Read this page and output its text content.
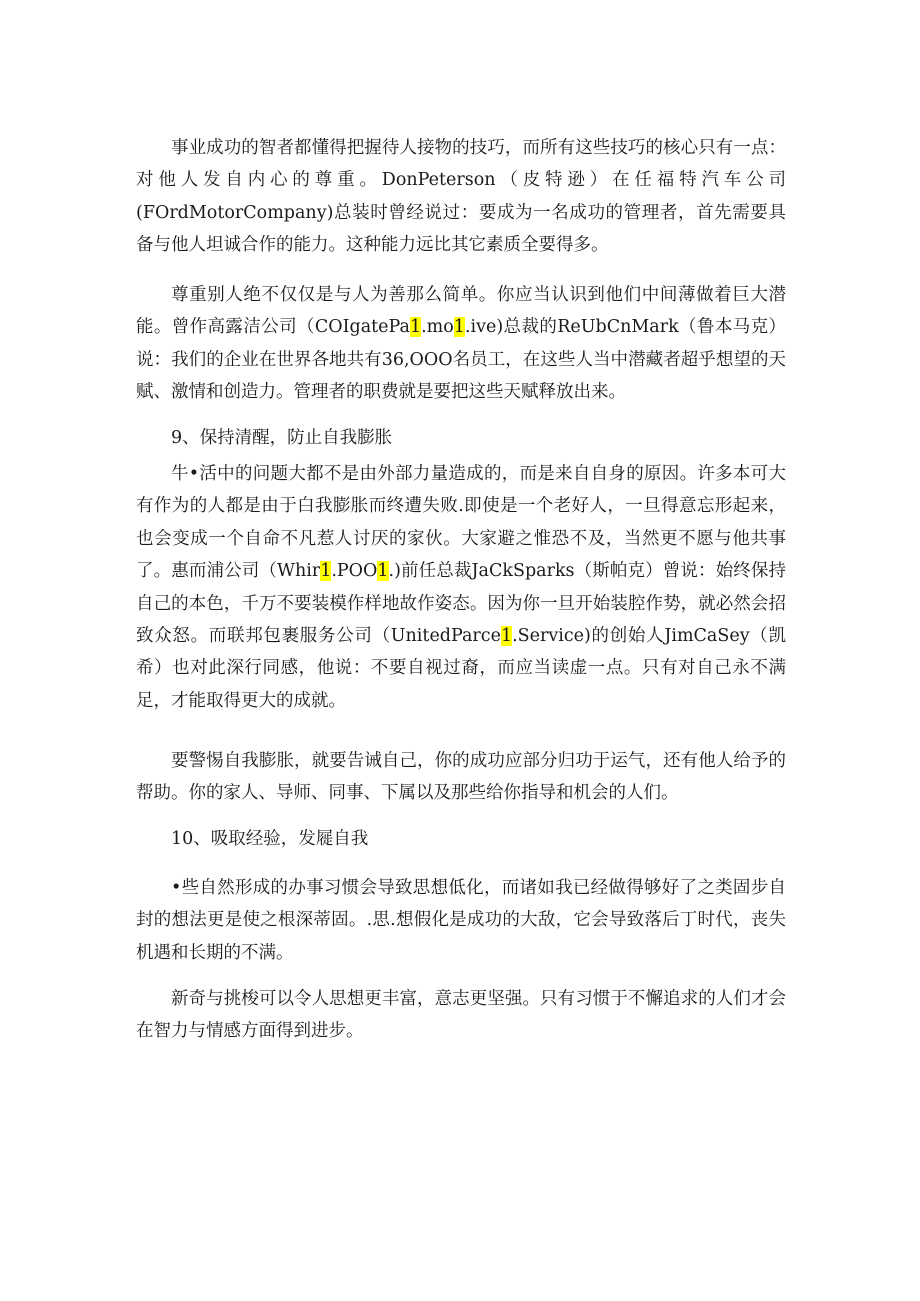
事业成功的智者都懂得把握待人接物的技巧，而所有这些技巧的核心只有一点：对他人发自内心的尊重。DonPeterson（皮特逊）在任福特汽车公司(FOrdMotorCompany)总装时曾经说过：要成为一名成功的管理者，首先需要具备与他人坦诚合作的能力。这种能力远比其它素质全要得多。

尊重别人绝不仅仅是与人为善那么简单。你应当认识到他们中间薄做着巨大潜能。曾作高露洁公司（COIgatePa1.mo1.ive)总裁的ReUbCnMark（鲁本马克）说：我们的企业在世界各地共有36,OOO名员工，在这些人当中潜藏者超乎想望的天赋、激情和创造力。管理者的职费就是要把这些天赋释放出来。

9、保持清醒，防止自我膨胀

牛•活中的问题大都不是由外部力量造成的，而是来自自身的原因。许多本可大有作为的人都是由于白我膨胀而终遭失败.即使是一个老好人，一旦得意忘形起来，也会变成一个自命不凡惹人讨厌的家伙。大家避之惟恐不及，当然更不愿与他共事了。惠而浦公司（Whir1.POO1.)前任总裁JaCkSparks（斯帕克）曾说：始终保持自己的本色，千万不要装模作样地故作姿态。因为你一旦开始装腔作势，就必然会招致众怒。而联邦包裹服务公司（UnitedParce1.Service)的创始人JimCaSey（凯希）也对此深行同感，他说：不要自视过裔，而应当读虚一点。只有对自己永不满足，才能取得更大的成就。

要警惕自我膨胀，就要告诫自己，你的成功应部分归功于运气，还有他人给予的帮助。你的家人、导师、同事、下属以及那些给你指导和机会的人们。

10、吸取经验，发屣自我

•些自然形成的办事习惯会导致思想低化，而诸如我已经做得够好了之类固步自封的想法更是使之根深蒂固。.思.想假化是成功的大敌，它会导致落后丁时代，丧失机遇和长期的不满。

新奇与挑梭可以令人思想更丰富，意志更坚强。只有习惯于不懈追求的人们才会在智力与情感方面得到进步。
